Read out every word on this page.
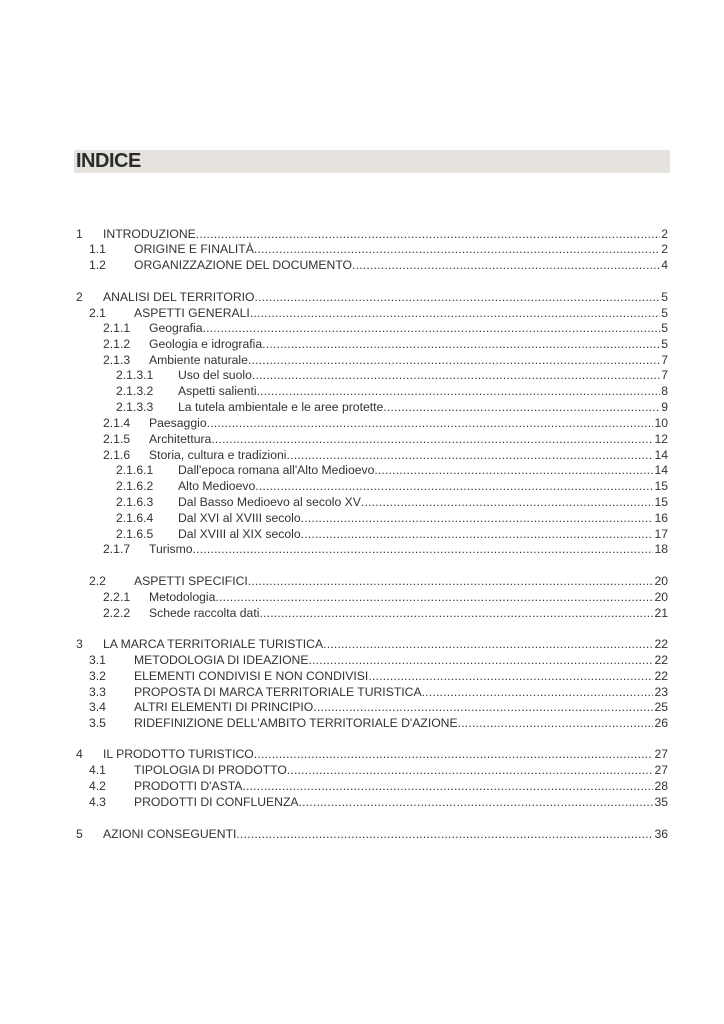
INDICE
1 INTRODUZIONE .....	2
1.1 ORIGINE E FINALITÀ .....	2
1.2 ORGANIZZAZIONE DEL DOCUMENTO .....	4
2 ANALISI DEL TERRITORIO .....	5
2.1 ASPETTI GENERALI .....	5
2.1.1 Geografia .....	5
2.1.2 Geologia e idrografia .....	5
2.1.3 Ambiente naturale .....	7
2.1.3.1 Uso del suolo .....	7
2.1.3.2 Aspetti salienti .....	8
2.1.3.3 La tutela ambientale e le aree protette .....	9
2.1.4 Paesaggio .....	10
2.1.5 Architettura .....	12
2.1.6 Storia, cultura e tradizioni .....	14
2.1.6.1 Dall'epoca romana all'Alto Medioevo. .....	14
2.1.6.2 Alto Medioevo .....	15
2.1.6.3 Dal Basso Medioevo al secolo XV .....	15
2.1.6.4 Dal XVI al XVIII secolo .....	16
2.1.6.5 Dal XVIII al XIX secolo .....	17
2.1.7 Turismo .....	18
2.2 ASPETTI SPECIFICI .....	20
2.2.1 Metodologia .....	20
2.2.2 Schede raccolta dati .....	21
3 LA MARCA TERRITORIALE TURISTICA .....	22
3.1 METODOLOGIA DI IDEAZIONE .....	22
3.2 ELEMENTI CONDIVISI E NON CONDIVISI .....	22
3.3 PROPOSTA DI MARCA TERRITORIALE TURISTICA .....	23
3.4 ALTRI ELEMENTI DI PRINCIPIO .....	25
3.5 RIDEFINIZIONE DELL'AMBITO TERRITORIALE D'AZIONE .....	26
4 IL PRODOTTO TURISTICO .....	27
4.1 TIPOLOGIA DI PRODOTTO .....	27
4.2 PRODOTTI D'ASTA .....	28
4.3 PRODOTTI DI CONFLUENZA .....	35
5 AZIONI CONSEGUENTI .....	36
